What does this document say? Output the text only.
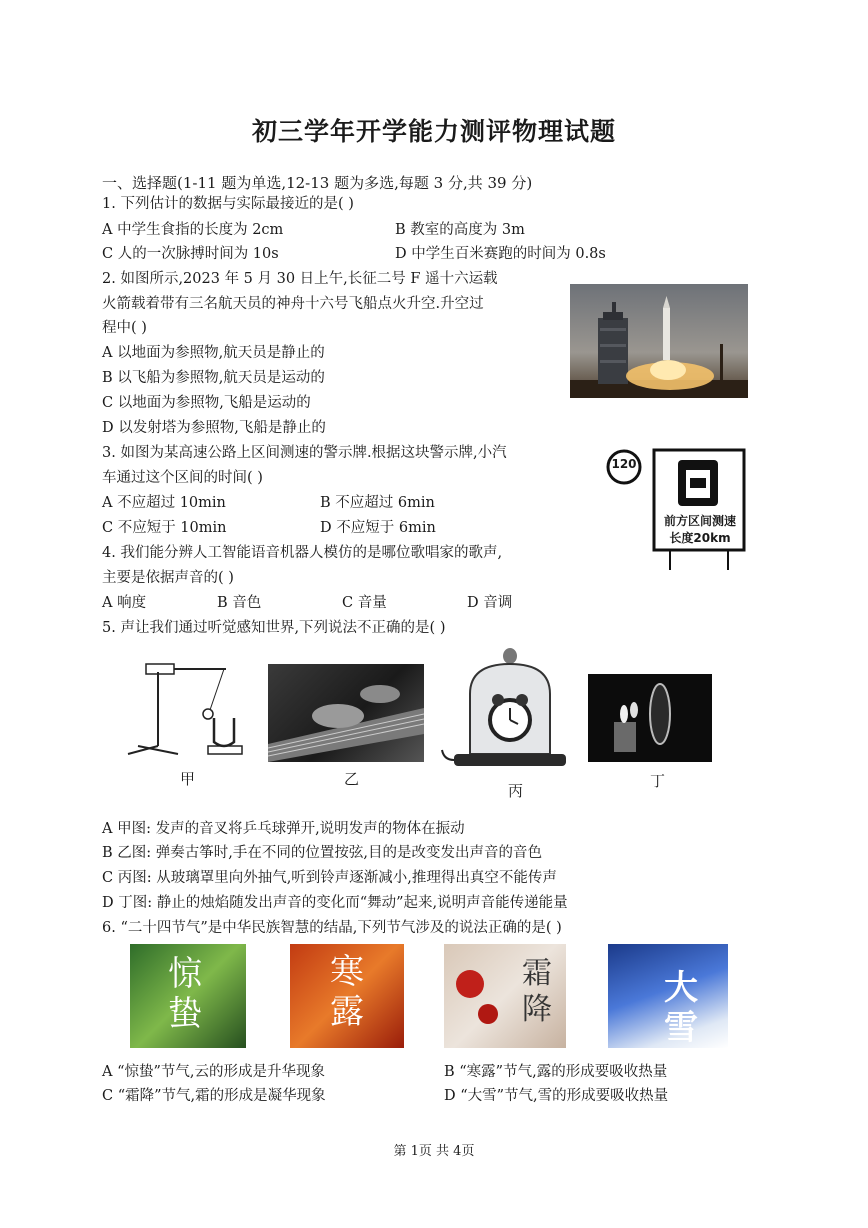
初三学年开学能力测评物理试题
一、选择题(1-11 题为单选,12-13 题为多选,每题 3 分,共 39 分)
1. 下列估计的数据与实际最接近的是( )
A 中学生食指的长度为 2cm	B 教室的高度为 3m
C 人的一次脉搏时间为 10s	D 中学生百米赛跑的时间为 0.8s
2. 如图所示,2023 年 5 月 30 日上午,长征二号 F 遥十六运载
火箭载着带有三名航天员的神舟十六号飞船点火升空.升空过
程中( )
A 以地面为参照物,航天员是静止的
B 以飞船为参照物,航天员是运动的
C 以地面为参照物,飞船是运动的
D 以发射塔为参照物,飞船是静止的
3. 如图为某高速公路上区间测速的警示牌.根据这块警示牌,小汽
车通过这个区间的时间( )
A 不应超过 10min	B 不应超过 6min
C 不应短于 10min	D 不应短于 6min
120
前方区间测速
长度20km
4. 我们能分辨人工智能语音机器人模仿的是哪位歌唱家的歌声,
主要是依据声音的( )
A 响度	B 音色	C 音量	D 音调
5. 声让我们通过听觉感知世界,下列说法不正确的是( )
甲	乙
丙
丁
A 甲图: 发声的音叉将乒乓球弹开,说明发声的物体在振动
B 乙图: 弹奏古筝时,手在不同的位置按弦,目的是改变发出声音的音色
C 丙图: 从玻璃罩里向外抽气,听到铃声逐渐减小,推理得出真空不能传声
D 丁图: 静止的烛焰随发出声音的变化而“舞动”起来,说明声音能传递能量
6. “二十四节气”是中华民族智慧的结晶,下列节气涉及的说法正确的是( )
惊蛰
寒露
霜降
大雪
A “惊蛰”节气,云的形成是升华现象	B “寒露”节气,露的形成要吸收热量
C “霜降”节气,霜的形成是凝华现象	D “大雪”节气,雪的形成要吸收热量
第 1页 共 4页
